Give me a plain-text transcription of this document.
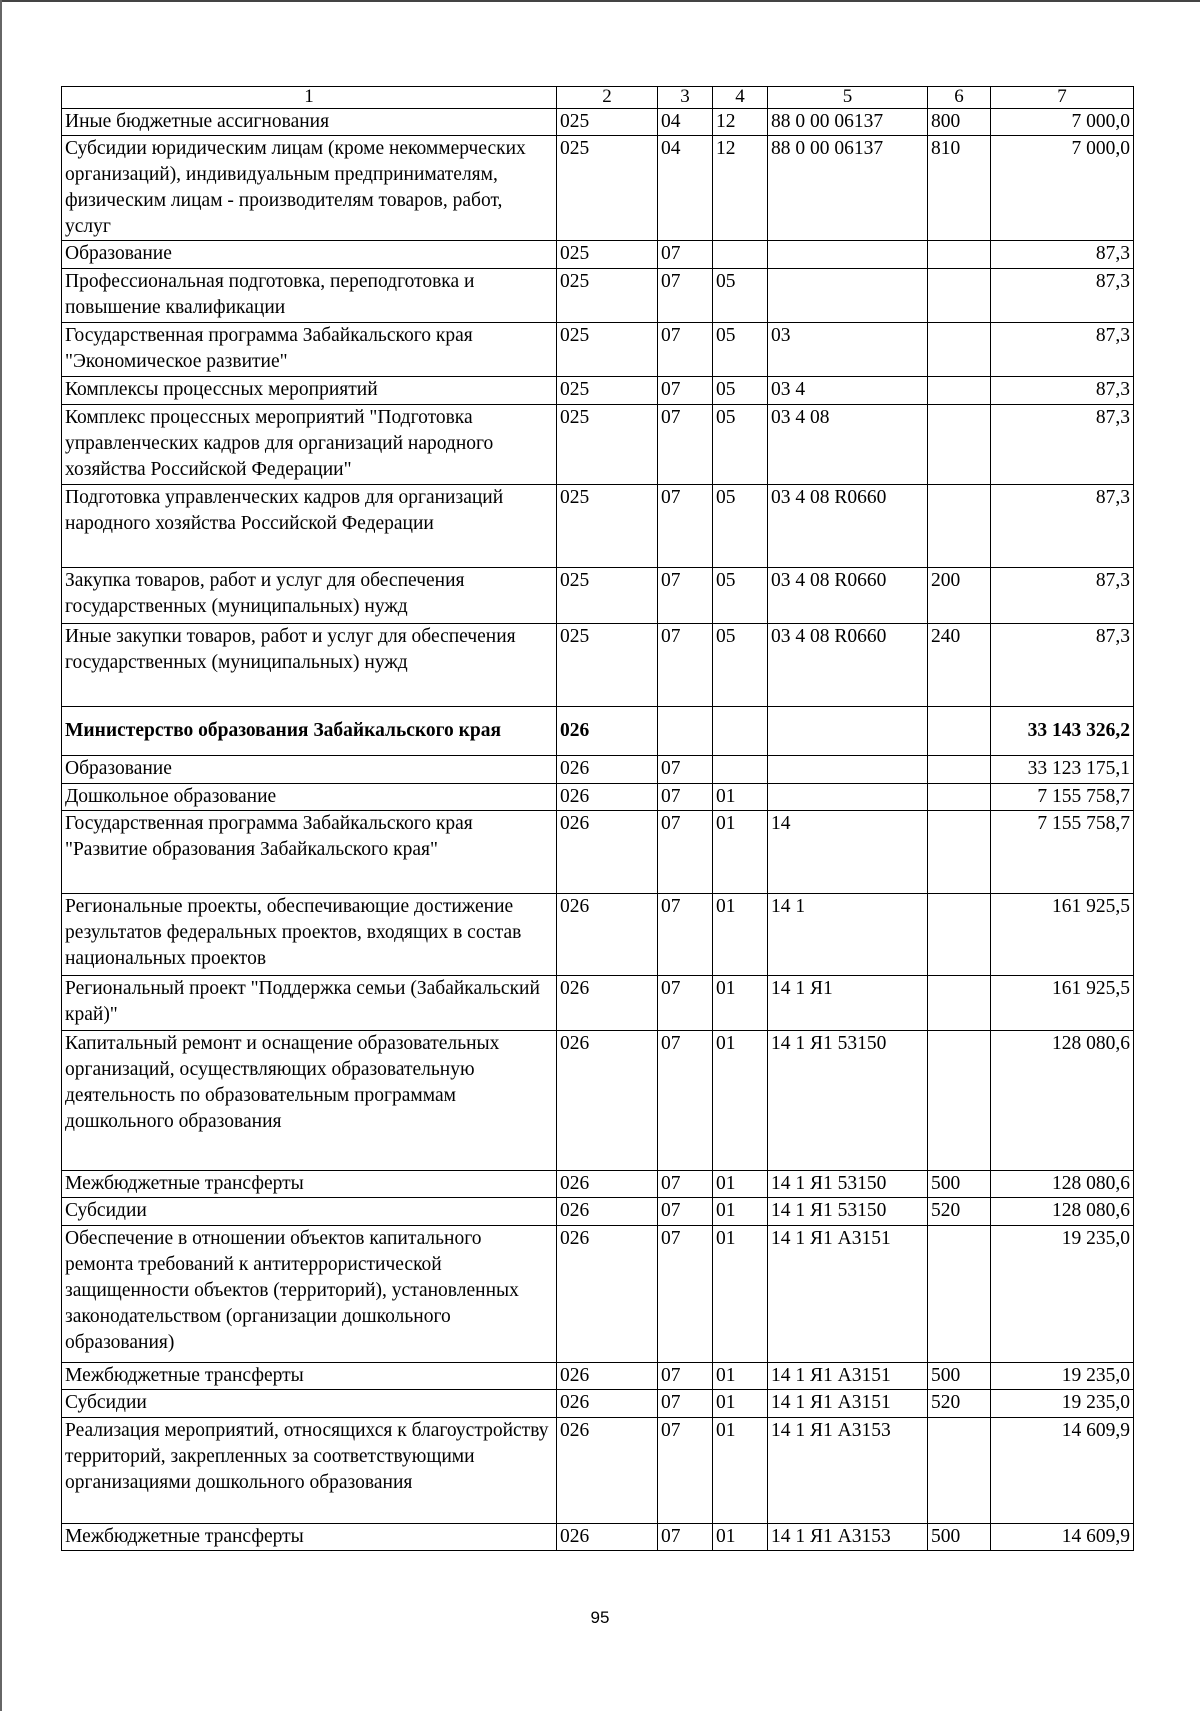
1	2	3	4	5	6	7
Иные бюджетные ассигнования	025	04	12	88 0 00 06137	800	7 000,0
Субсидии юридическим лицам (кроме некоммерческих организаций), индивидуальным предпринимателям, физическим лицам - производителям товаров, работ, услуг	025	04	12	88 0 00 06137	810	7 000,0
Образование	025	07				87,3
Профессиональная подготовка, переподготовка и повышение квалификации	025	07	05			87,3
Государственная программа Забайкальского края "Экономическое развитие"	025	07	05	03		87,3
Комплексы процессных мероприятий	025	07	05	03 4		87,3
Комплекс процессных мероприятий "Подготовка управленческих кадров для организаций народного хозяйства Российской Федерации"	025	07	05	03 4 08		87,3
Подготовка управленческих кадров для организаций народного хозяйства Российской Федерации	025	07	05	03 4 08 R0660		87,3
Закупка товаров, работ и услуг для обеспечения государственных (муниципальных) нужд	025	07	05	03 4 08 R0660	200	87,3
Иные закупки товаров, работ и услуг для обеспечения государственных (муниципальных) нужд	025	07	05	03 4 08 R0660	240	87,3
Министерство образования Забайкальского края	026					33 143 326,2
Образование	026	07				33 123 175,1
Дошкольное образование	026	07	01			7 155 758,7
Государственная программа Забайкальского края "Развитие образования Забайкальского края"	026	07	01	14		7 155 758,7
Региональные проекты, обеспечивающие достижение результатов федеральных проектов, входящих в состав национальных проектов	026	07	01	14 1		161 925,5
Региональный проект "Поддержка семьи (Забайкальский край)"	026	07	01	14 1 Я1		161 925,5
Капитальный ремонт и оснащение образовательных организаций, осуществляющих образовательную деятельность по образовательным программам дошкольного образования	026	07	01	14 1 Я1 53150		128 080,6
Межбюджетные трансферты	026	07	01	14 1 Я1 53150	500	128 080,6
Субсидии	026	07	01	14 1 Я1 53150	520	128 080,6
Обеспечение в отношении объектов капитального ремонта требований к антитеррористической защищенности объектов (территорий), установленных законодательством (организации дошкольного образования)	026	07	01	14 1 Я1 A3151		19 235,0
Межбюджетные трансферты	026	07	01	14 1 Я1 A3151	500	19 235,0
Субсидии	026	07	01	14 1 Я1 A3151	520	19 235,0
Реализация мероприятий, относящихся к благоустройству территорий, закрепленных за соответствующими организациями дошкольного образования	026	07	01	14 1 Я1 A3153		14 609,9
Межбюджетные трансферты	026	07	01	14 1 Я1 A3153	500	14 609,9
95
